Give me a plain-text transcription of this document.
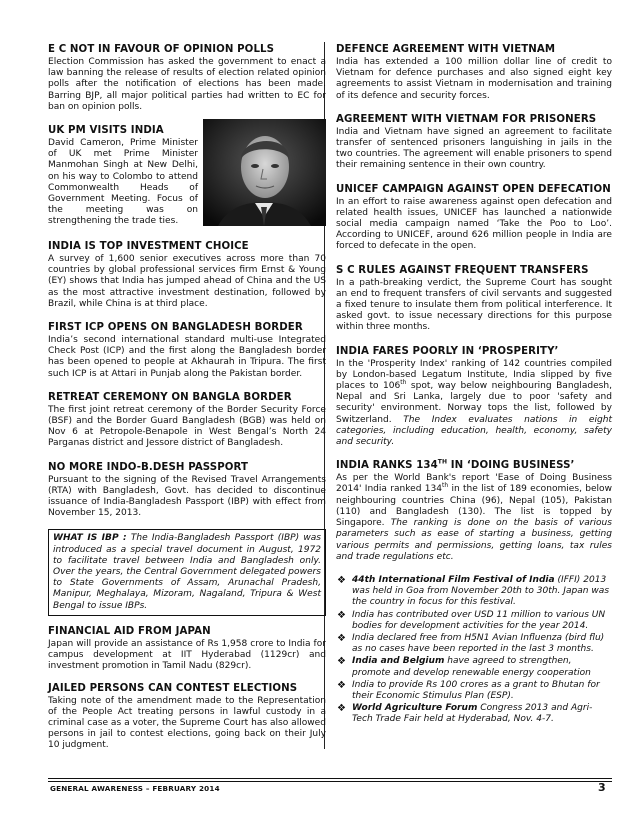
E C NOT IN FAVOUR OF OPINION POLLS

Election Commission has asked the government to enact a law banning the release of results of election related opinion polls after the notification of elections has been made. Barring BJP, all major political parties had written to EC for ban on opinion polls.

UK PM VISITS INDIA

David Cameron, Prime Minister of UK met Prime Minister Manmohan Singh at New Delhi, on his way to Colombo to attend Commonwealth Heads of Government Meeting. Focus of the meeting was on strengthening the trade ties.

INDIA IS TOP INVESTMENT CHOICE

A survey of 1,600 senior executives across more than 70 countries by global professional services firm Ernst & Young (EY) shows that India has jumped ahead of China and the US as the most attractive investment destination, followed by Brazil, while China is at third place.

FIRST ICP OPENS ON BANGLADESH BORDER

India’s second international standard multi-use Integrated Check Post (ICP) and the first along the Bangladesh border has been opened to people at Akhaurah in Tripura. The first such ICP is at Attari in Punjab along the Pakistan border.

RETREAT CEREMONY ON BANGLA BORDER

The first joint retreat ceremony of the Border Security Force (BSF) and the Border Guard Bangladesh (BGB) was held on Nov 6 at Petropole-Benapole in West Bengal’s North 24 Parganas district and Jessore district of Bangladesh.

NO MORE INDO-B.DESH PASSPORT

Pursuant to the signing of the Revised Travel Arrangements (RTA) with Bangladesh, Govt. has decided to discontinue issuance of India-Bangladesh Passport (IBP) with effect from November 15, 2013.

WHAT IS IBP : The India-Bangladesh Passport (IBP) was introduced as a special travel document in August, 1972 to facilitate travel between India and Bangladesh only. Over the years, the Central Government delegated powers to State Governments of Assam, Arunachal Pradesh, Manipur, Meghalaya, Mizoram, Nagaland, Tripura & West Bengal to issue IBPs.
FINANCIAL AID FROM JAPAN

Japan will provide an assistance of Rs 1,958 crore to India for campus development at IIT Hyderabad (1129cr) and investment promotion in Tamil Nadu (829cr).

JAILED PERSONS CAN CONTEST ELECTIONS

Taking note of the amendment made to the Representation of the People Act treating persons in lawful custody in a criminal case as a voter, the Supreme Court has also allowed persons in jail to contest elections, going back on their July 10 judgment.

DEFENCE AGREEMENT WITH VIETNAM

India has extended a 100 million dollar line of credit to Vietnam for defence purchases and also signed eight key agreements to assist Vietnam in modernisation and training of its defence and security forces.

AGREEMENT WITH VIETNAM FOR PRISONERS

India and Vietnam have signed an agreement to facilitate transfer of sentenced prisoners languishing in jails in the two countries. The agreement will enable prisoners to spend their remaining sentence in their own country.

UNICEF CAMPAIGN AGAINST OPEN DEFECATION

In an effort to raise awareness against open defecation and related health issues, UNICEF has launched a nationwide social media campaign named ‘Take the Poo to Loo’. According to UNICEF, around 626 million people in India are forced to defecate in the open.

S C RULES AGAINST FREQUENT TRANSFERS

In a path-breaking verdict, the Supreme Court has sought an end to frequent transfers of civil servants and suggested a fixed tenure to insulate them from political interference. It asked govt. to issue necessary directions for this purpose within three months.

INDIA FARES POORLY IN ‘PROSPERITY’

In the 'Prosperity Index' ranking of 142 countries compiled by London-based Legatum Institute, India slipped by five places to 106th spot, way below neighbouring Bangladesh, Nepal and Sri Lanka, largely due to poor 'safety and security' environment. Norway tops the list, followed by Switzerland. The Index evaluates nations in eight categories, including education, health, economy, safety and security.

INDIA RANKS 134TH IN ‘DOING BUSINESS’

As per the World Bank's report 'Ease of Doing Business 2014' India ranked 134th in the list of 189 economies, below neighbouring countries China (96), Nepal (105), Pakistan (110) and Bangladesh (130). The list is topped by Singapore. The ranking is done on the basis of various parameters such as ease of starting a business, getting various permits and permissions, getting loans, tax rules and trade regulations etc.

❖ 44th International Film Festival of India (IFFI) 2013 was held in Goa from November 20th to 30th. Japan was the country in focus for this festival.
❖ India has contributed over USD 11 million to various UN bodies for development activities for the year 2014.
❖ India declared free from H5N1 Avian Influenza (bird flu) as no cases have been reported in the last 3 months.
❖ India and Belgium have agreed to strengthen, promote and develop renewable energy cooperation
❖ India to provide Rs 100 crores as a grant to Bhutan for their Economic Stimulus Plan (ESP).
❖ World Agriculture Forum Congress 2013 and Agri-Tech Trade Fair held at Hyderabad, Nov. 4-7.
GENERAL AWARENESS – FEBRUARY 2014	3
